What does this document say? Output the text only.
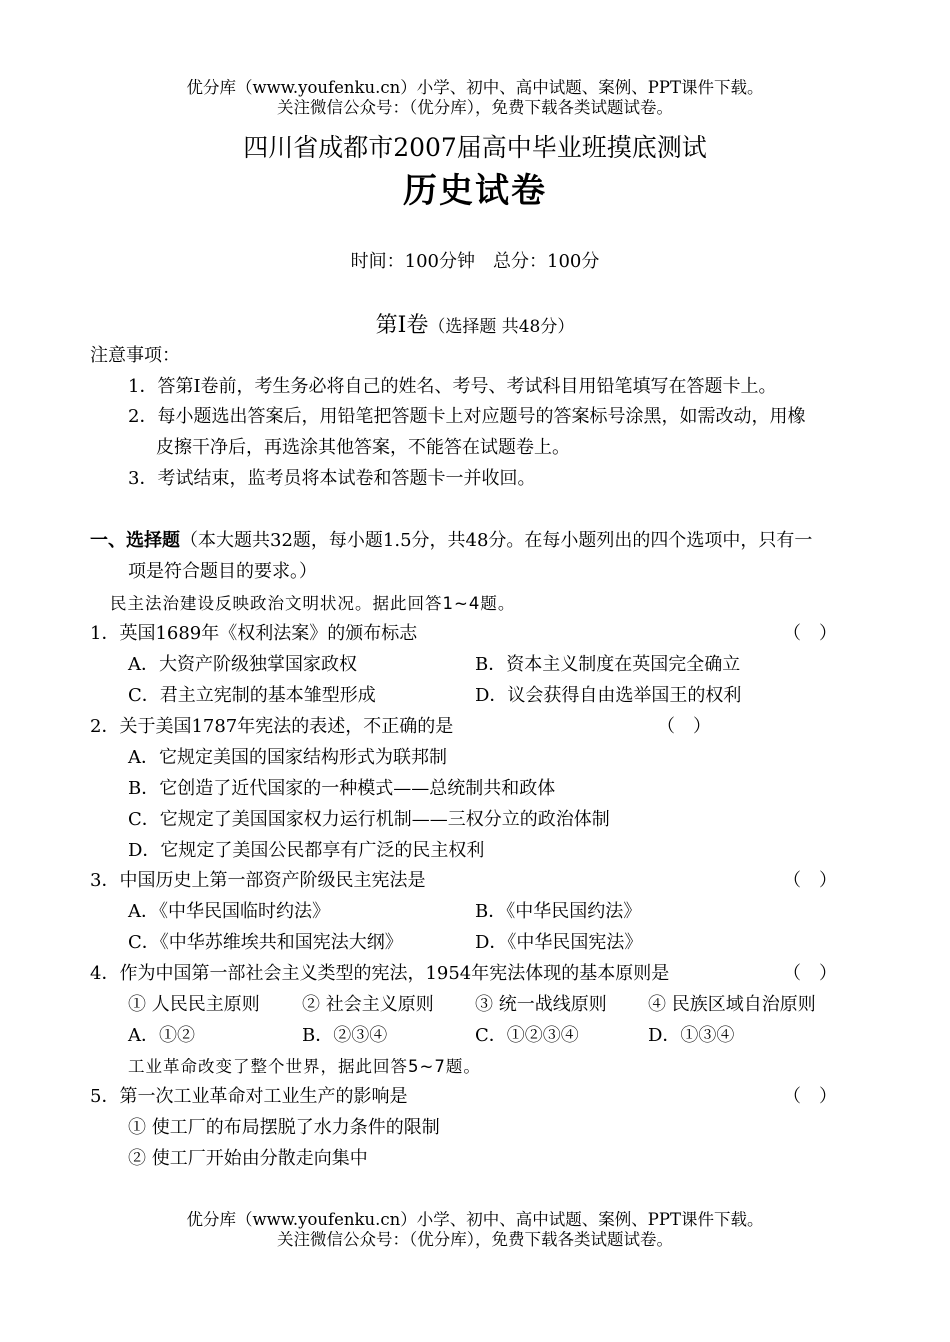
优分库（www.youfenku.cn）小学、初中、高中试题、案例、PPT课件下载。
关注微信公众号：（优分库），免费下载各类试题试卷。
四川省成都市2007届高中毕业班摸底测试
历史试卷
时间：100分钟　总分：100分
第Ⅰ卷（选择题 共48分）
注意事项：
1．答第Ⅰ卷前，考生务必将自己的姓名、考号、考试科目用铅笔填写在答题卡上。
2．每小题选出答案后，用铅笔把答题卡上对应题号的答案标号涂黑，如需改动，用橡
皮擦干净后，再选涂其他答案，不能答在试题卷上。
3．考试结束，监考员将本试卷和答题卡一并收回。
一、选择题（本大题共32题，每小题1.5分，共48分。在每小题列出的四个选项中，只有一
项是符合题目的要求。）
民主法治建设反映政治文明状况。据此回答1~4题。
1．英国1689年《权利法案》的颁布标志	（　）
A．大资产阶级独掌国家政权	B．资本主义制度在英国完全确立
C．君主立宪制的基本雏型形成	D．议会获得自由选举国王的权利
2．关于美国1787年宪法的表述，不正确的是	（　）
A．它规定美国的国家结构形式为联邦制
B．它创造了近代国家的一种模式——总统制共和政体
C．它规定了美国国家权力运行机制——三权分立的政治体制
D．它规定了美国公民都享有广泛的民主权利
3．中国历史上第一部资产阶级民主宪法是	（　）
A．《中华民国临时约法》	B．《中华民国约法》
C．《中华苏维埃共和国宪法大纲》	D．《中华民国宪法》
4．作为中国第一部社会主义类型的宪法，1954年宪法体现的基本原则是	（　）
① 人民民主原则 ② 社会主义原则 ③ 统一战线原则 ④ 民族区域自治原则
A．①②	B．②③④	C．①②③④	D．①③④
工业革命改变了整个世界，据此回答5~7题。
5．第一次工业革命对工业生产的影响是	（　）
① 使工厂的布局摆脱了水力条件的限制
② 使工厂开始由分散走向集中
优分库（www.youfenku.cn）小学、初中、高中试题、案例、PPT课件下载。
关注微信公众号：（优分库），免费下载各类试题试卷。
